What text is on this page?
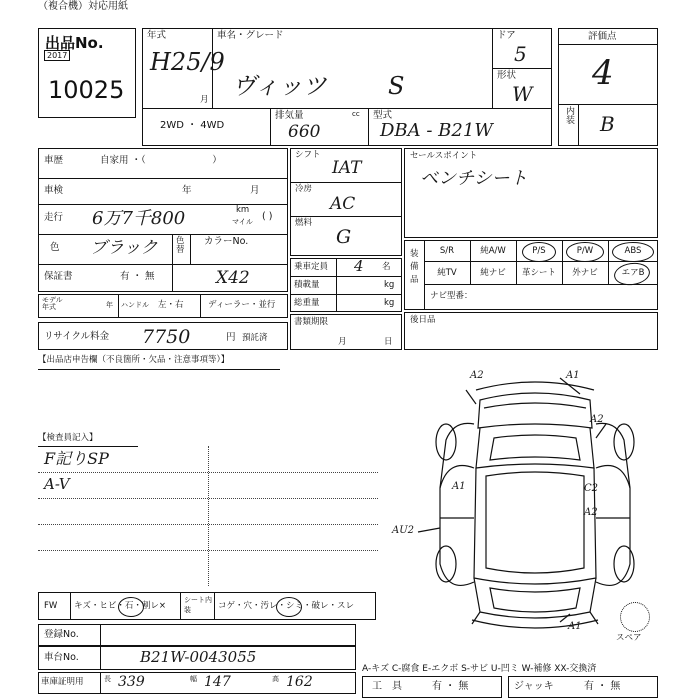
（複合機）対応用紙
出品No.
2017
10025
年式
H25/9
月
車名・グレード
ヴィッツ	S
ドア
5
形状
W
2WD ・ 4WD
排気量	cc
660
型式
DBA - B21W
評価点
4
内装 B
車歴	自家用 ・（　　　　　　　）
車検	年	月
走行 6万7千800	km
マイル ( )
色 ブラック 色替
カラーNo.
X42
保証書	有 ・ 無
モデル年式	年 ハンドル 左・右	ディーラー・並行
リサイクル料金 7750	円 預託済
シフト
IAT
冷房
AC
燃料
G
乗車定員 4 名
積載量	kg
総重量	kg
書類期限
月	日
セールスポイント
ベンチシート
装備品
S/R	純A/W	P/S	P/W	ABS
純TV	純ナビ	革シート	外ナビ	エアB
ナビ型番：
後日品
【出品店申告欄（不良箇所・欠品・注意事項等）】
【検査員記入】
F記りSP
A-V
A2	A1
A2
A1	C2
A2
AU2
A1
スペア
FW キズ・ヒビ・石・割レ×
シート内装	コゲ・穴・汚レ・シミ・破レ・スレ
登録No.
車台No.	B21W-0043055
車庫証明用	長 339	幅 147	高 162
A-キズ C-腐食 E-エクボ S-サビ U-凹ミ W-補修 XX-交換済
工　具	有 ・ 無	ジャッキ	有 ・ 無
